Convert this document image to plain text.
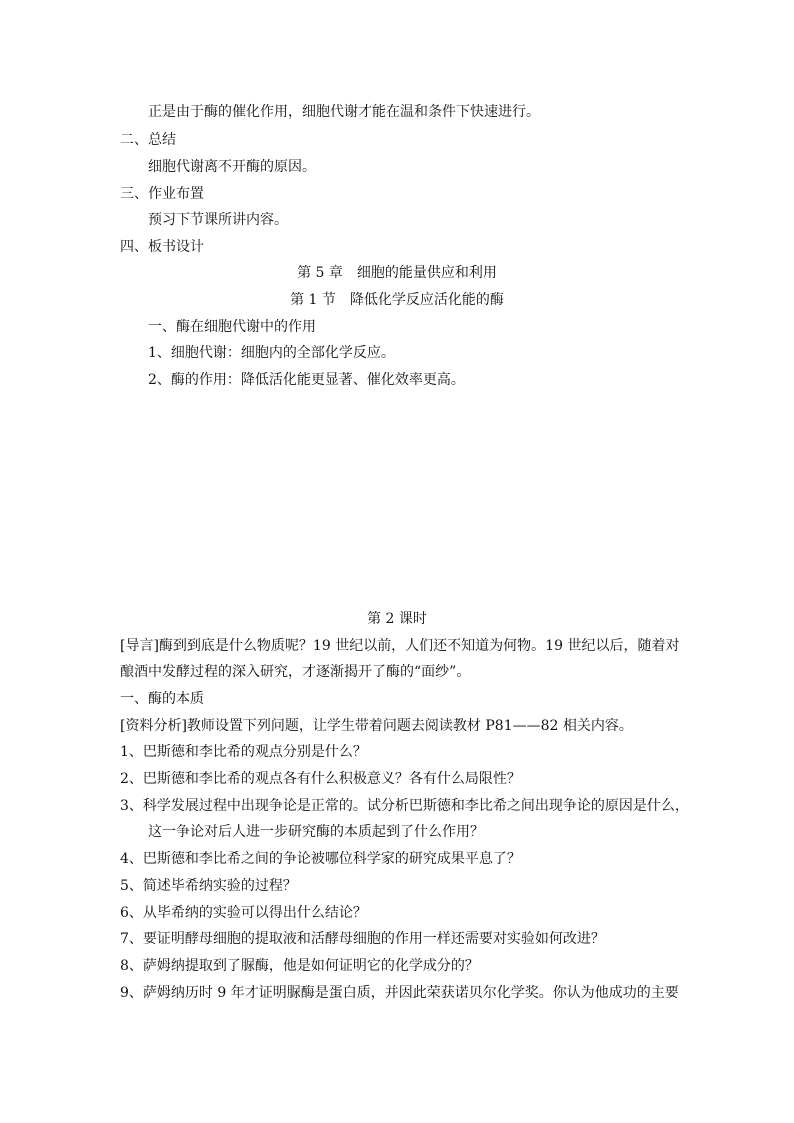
正是由于酶的催化作用，细胞代谢才能在温和条件下快速进行。
二、总结
细胞代谢离不开酶的原因。
三、作业布置
预习下节课所讲内容。
四、板书设计
第 5 章　细胞的能量供应和利用
第 1 节　降低化学反应活化能的酶
一、酶在细胞代谢中的作用
1、细胞代谢：细胞内的全部化学反应。
2、酶的作用：降低活化能更显著、催化效率更高。
第 2 课时
[导言]酶到到底是什么物质呢？19 世纪以前，人们还不知道为何物。19 世纪以后，随着对
酿酒中发酵过程的深入研究，才逐渐揭开了酶的“面纱”。
一、酶的本质
[资料分析]教师设置下列问题，让学生带着问题去阅读教材 P81——82 相关内容。
1、巴斯德和李比希的观点分别是什么？
2、巴斯德和李比希的观点各有什么积极意义？各有什么局限性？
3、科学发展过程中出现争论是正常的。试分析巴斯德和李比希之间出现争论的原因是什么，
这一争论对后人进一步研究酶的本质起到了什么作用？
4、巴斯德和李比希之间的争论被哪位科学家的研究成果平息了？
5、简述毕希纳实验的过程？
6、从毕希纳的实验可以得出什么结论？
7、要证明酵母细胞的提取液和活酵母细胞的作用一样还需要对实验如何改进？
8、萨姆纳提取到了脲酶，他是如何证明它的化学成分的？
9、萨姆纳历时 9 年才证明脲酶是蛋白质，并因此荣获诺贝尔化学奖。你认为他成功的主要
